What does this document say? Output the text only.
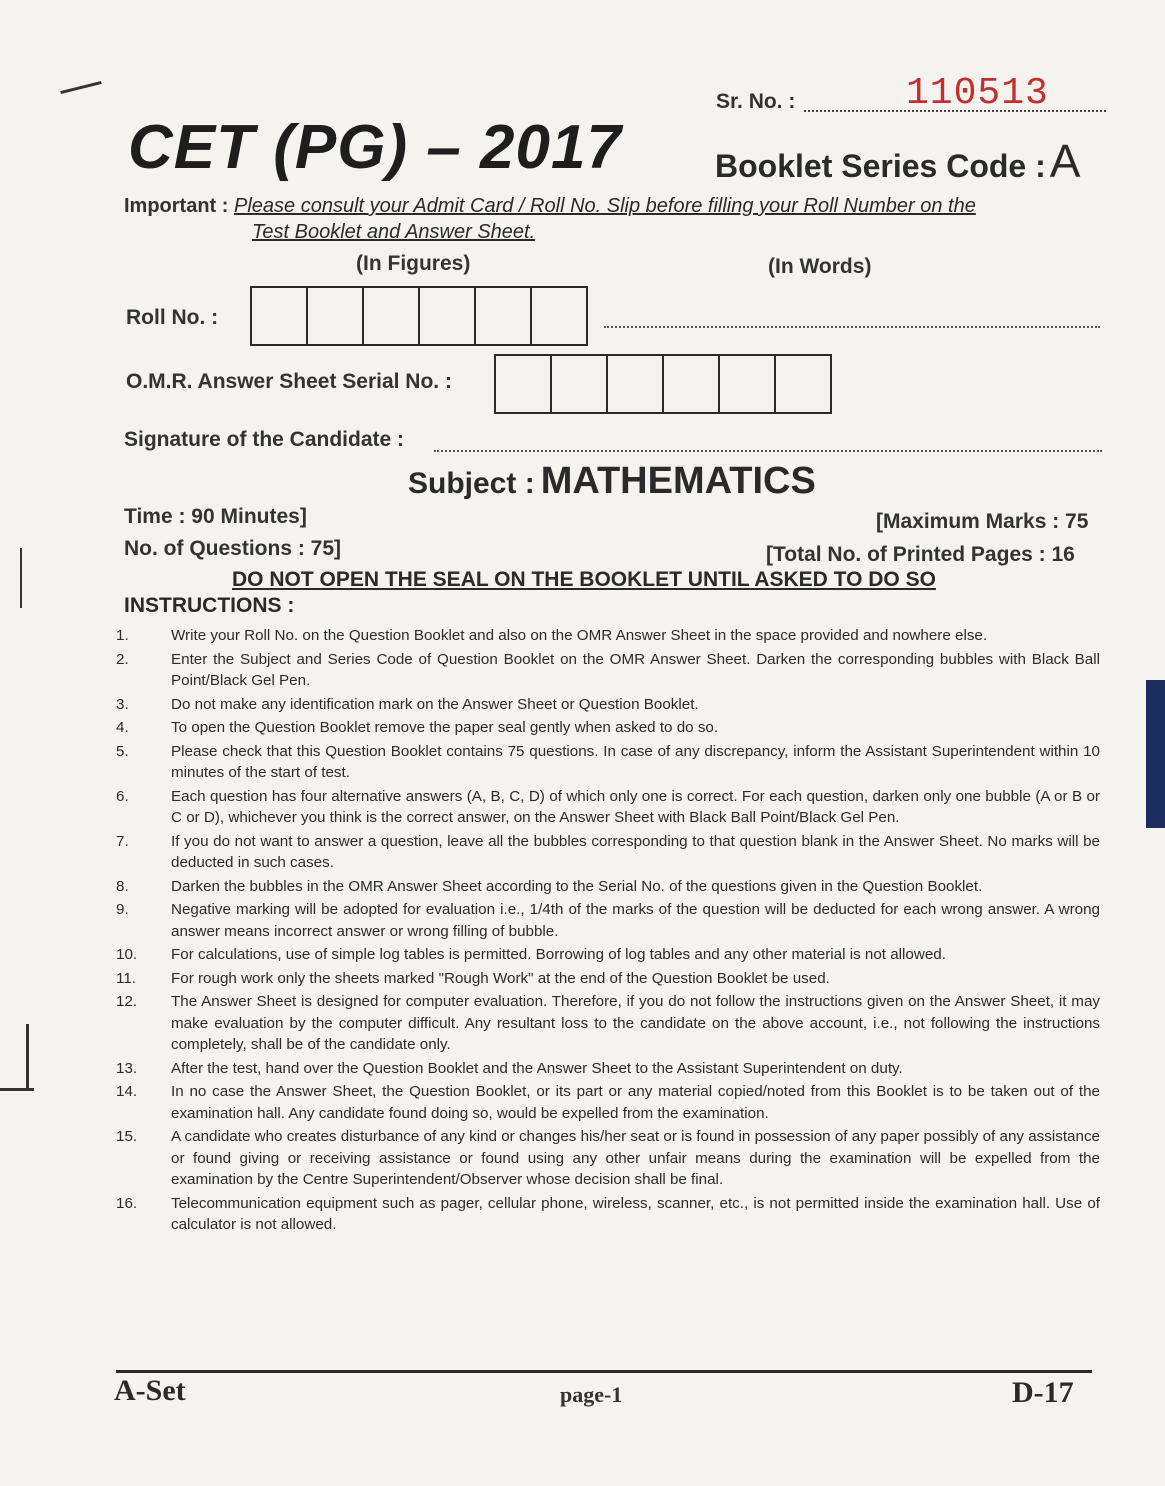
Sr. No. :	110513
CET (PG) – 2017	Booklet Series Code :A
Important : Please consult your Admit Card / Roll No. Slip before filling your Roll Number on the
Test Booklet and Answer Sheet.
(In Figures)	(In Words)
Roll No. :
O.M.R. Answer Sheet Serial No. :
Signature of the Candidate :
Subject : MATHEMATICS
Time : 90 Minutes]	[Maximum Marks : 75
No. of Questions : 75]	[Total No. of Printed Pages : 16
DO NOT OPEN THE SEAL ON THE BOOKLET UNTIL ASKED TO DO SO
INSTRUCTIONS :
1.	Write your Roll No. on the Question Booklet and also on the OMR Answer Sheet in the space provided and nowhere else.
2.	Enter the Subject and Series Code of Question Booklet on the OMR Answer Sheet. Darken the corresponding bubbles with Black Ball Point/Black Gel Pen.
3.	Do not make any identification mark on the Answer Sheet or Question Booklet.
4.	To open the Question Booklet remove the paper seal gently when asked to do so.
5.	Please check that this Question Booklet contains 75 questions. In case of any discrepancy, inform the Assistant Superintendent within 10 minutes of the start of test.
6.	Each question has four alternative answers (A, B, C, D) of which only one is correct. For each question, darken only one bubble (A or B or C or D), whichever you think is the correct answer, on the Answer Sheet with Black Ball Point/Black Gel Pen.
7.	If you do not want to answer a question, leave all the bubbles corresponding to that question blank in the Answer Sheet. No marks will be deducted in such cases.
8.	Darken the bubbles in the OMR Answer Sheet according to the Serial No. of the questions given in the Question Booklet.
9.	Negative marking will be adopted for evaluation i.e., 1/4th of the marks of the question will be deducted for each wrong answer. A wrong answer means incorrect answer or wrong filling of bubble.
10.	For calculations, use of simple log tables is permitted. Borrowing of log tables and any other material is not allowed.
11.	For rough work only the sheets marked "Rough Work" at the end of the Question Booklet be used.
12.	The Answer Sheet is designed for computer evaluation. Therefore, if you do not follow the instructions given on the Answer Sheet, it may make evaluation by the computer difficult. Any resultant loss to the candidate on the above account, i.e., not following the instructions completely, shall be of the candidate only.
13.	After the test, hand over the Question Booklet and the Answer Sheet to the Assistant Superintendent on duty.
14.	In no case the Answer Sheet, the Question Booklet, or its part or any material copied/noted from this Booklet is to be taken out of the examination hall. Any candidate found doing so, would be expelled from the examination.
15.	A candidate who creates disturbance of any kind or changes his/her seat or is found in possession of any paper possibly of any assistance or found giving or receiving assistance or found using any other unfair means during the examination will be expelled from the examination by the Centre Superintendent/Observer whose decision shall be final.
16.	Telecommunication equipment such as pager, cellular phone, wireless, scanner, etc., is not permitted inside the examination hall. Use of calculator is not allowed.
A-Set	page-1	D-17
